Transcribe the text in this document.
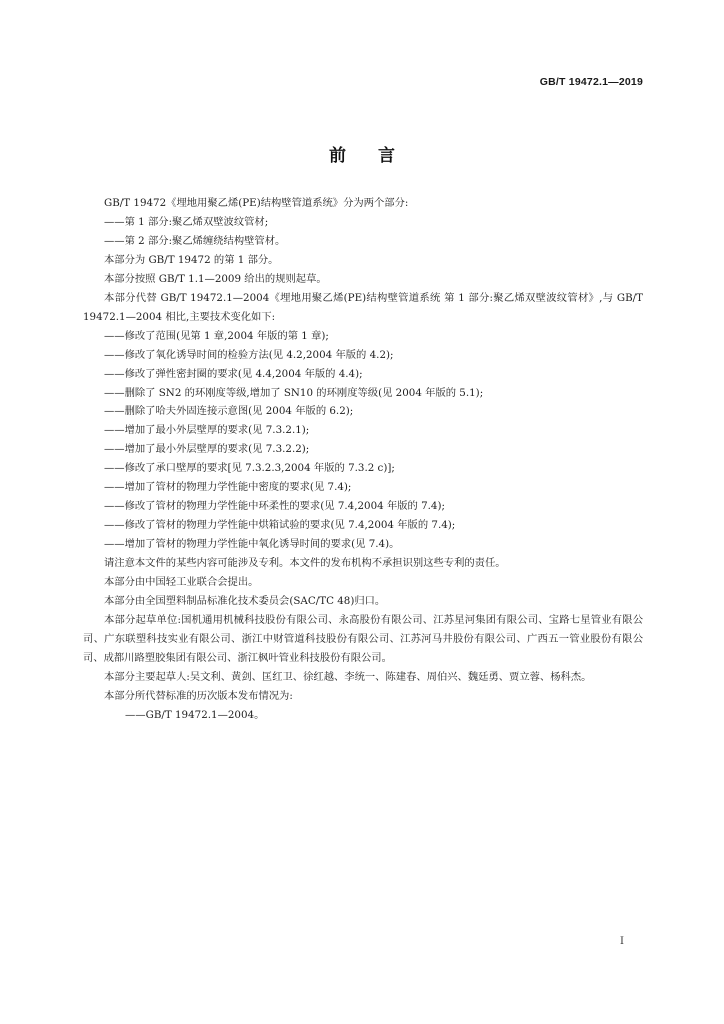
GB/T 19472.1—2019
前言

GB/T 19472《埋地用聚乙烯(PE)结构壁管道系统》分为两个部分:

——第 1 部分:聚乙烯双壁波纹管材;

——第 2 部分:聚乙烯缠绕结构壁管材。

本部分为 GB/T 19472 的第 1 部分。

本部分按照 GB/T 1.1—2009 给出的规则起草。

本部分代替 GB/T 19472.1—2004《埋地用聚乙烯(PE)结构壁管道系统 第 1 部分:聚乙烯双壁波纹管材》,与 GB/T 19472.1—2004 相比,主要技术变化如下:

——修改了范围(见第 1 章,2004 年版的第 1 章);

——修改了氧化诱导时间的检验方法(见 4.2,2004 年版的 4.2);

——修改了弹性密封圈的要求(见 4.4,2004 年版的 4.4);

——删除了 SN2 的环刚度等级,增加了 SN10 的环刚度等级(见 2004 年版的 5.1);

——删除了哈夫外固连接示意图(见 2004 年版的 6.2);

——增加了最小外层壁厚的要求(见 7.3.2.1);

——增加了最小外层壁厚的要求(见 7.3.2.2);

——修改了承口壁厚的要求[见 7.3.2.3,2004 年版的 7.3.2 c)];

——增加了管材的物理力学性能中密度的要求(见 7.4);

——修改了管材的物理力学性能中环柔性的要求(见 7.4,2004 年版的 7.4);

——修改了管材的物理力学性能中烘箱试验的要求(见 7.4,2004 年版的 7.4);

——增加了管材的物理力学性能中氧化诱导时间的要求(见 7.4)。

请注意本文件的某些内容可能涉及专利。本文件的发布机构不承担识别这些专利的责任。

本部分由中国轻工业联合会提出。

本部分由全国塑料制品标准化技术委员会(SAC/TC 48)归口。

本部分起草单位:国机通用机械科技股份有限公司、永高股份有限公司、江苏星河集团有限公司、宝路七星管业有限公司、广东联塑科技实业有限公司、浙江中财管道科技股份有限公司、江苏河马井股份有限公司、广西五一管业股份有限公司、成都川路塑胶集团有限公司、浙江枫叶管业科技股份有限公司。

本部分主要起草人:吴文利、黄剑、匡红卫、徐红越、李统一、陈建春、周伯兴、魏廷勇、贾立蓉、杨科杰。

本部分所代替标准的历次版本发布情况为:

——GB/T 19472.1—2004。

I
